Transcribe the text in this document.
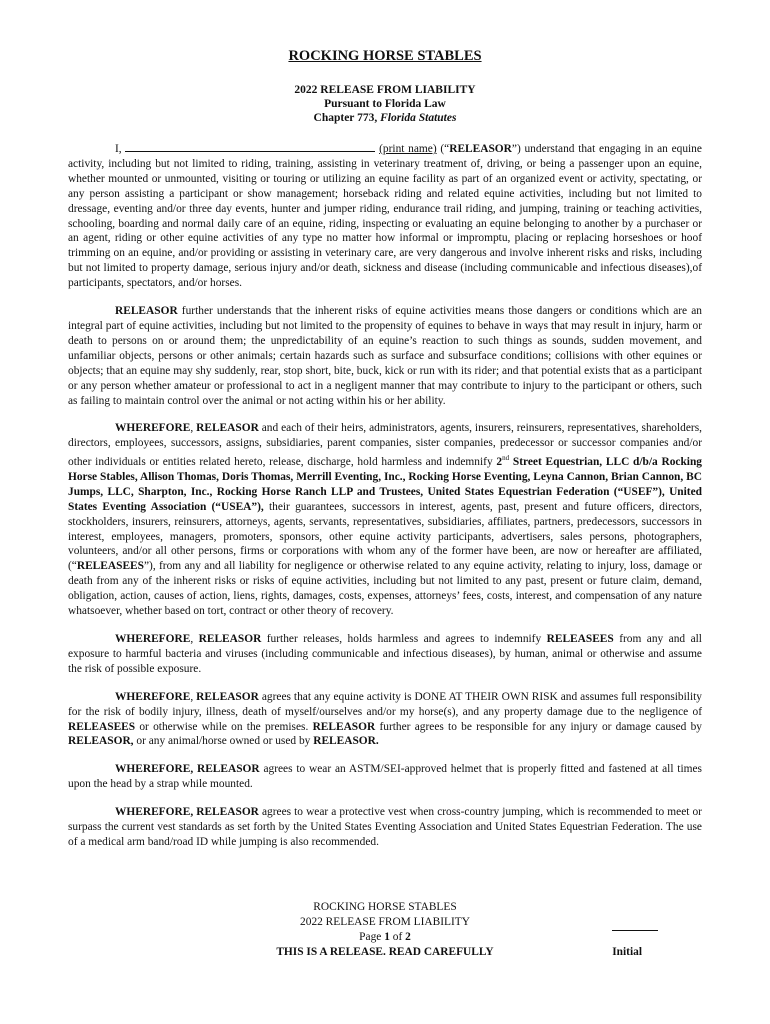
ROCKING HORSE STABLES
2022 RELEASE FROM LIABILITY
Pursuant to Florida Law
Chapter 773, Florida Statutes

I,	(print name) (“RELEASOR”) understand that engaging in an equine activity, including but not limited to riding, training, assisting in veterinary treatment of, driving, or being a passenger upon an equine, whether mounted or unmounted, visiting or touring or utilizing an equine facility as part of an organized event or activity, spectating, or any person assisting a participant or show management; horseback riding and related equine activities, including but not limited to dressage, eventing and/or three day events, hunter and jumper riding, endurance trail riding, and jumping, training or teaching activities, schooling, boarding and normal daily care of an equine, riding, inspecting or evaluating an equine belonging to another by a purchaser or an agent, riding or other equine activities of any type no matter how informal or impromptu, placing or replacing horseshoes or hoof trimming on an equine, and/or providing or assisting in veterinary care, are very dangerous and involve inherent risks and risks, including but not limited to property damage, serious injury and/or death, sickness and disease (including communicable and infectious diseases),of participants, spectators, and/or horses.

RELEASOR further understands that the inherent risks of equine activities means those dangers or conditions which are an integral part of equine activities, including but not limited to the propensity of equines to behave in ways that may result in injury, harm or death to persons on or around them; the unpredictability of an equine’s reaction to such things as sounds, sudden movement, and unfamiliar objects, persons or other animals; certain hazards such as surface and subsurface conditions; collisions with other equines or objects; that an equine may shy suddenly, rear, stop short, bite, buck, kick or run with its rider; and that potential exists that as a participant or any person whether amateur or professional to act in a negligent manner that may contribute to injury to the participant or others, such as failing to maintain control over the animal or not acting within his or her ability.

WHEREFORE, RELEASOR and each of their heirs, administrators, agents, insurers, reinsurers, representatives, shareholders, directors, employees, successors, assigns, subsidiaries, parent companies, sister companies, predecessor or successor companies and/or other individuals or entities related hereto, release, discharge, hold harmless and indemnify 2nd Street Equestrian, LLC d/b/a Rocking Horse Stables, Allison Thomas, Doris Thomas, Merrill Eventing, Inc., Rocking Horse Eventing, Leyna Cannon, Brian Cannon, BC Jumps, LLC, Sharpton, Inc., Rocking Horse Ranch LLP and Trustees, United States Equestrian Federation (“USEF”), United States Eventing Association (“USEA”), their guarantees, successors in interest, agents, past, present and future officers, directors, stockholders, insurers, reinsurers, attorneys, agents, servants, representatives, subsidiaries, affiliates, partners, predecessors, successors in interest, employees, managers, promoters, sponsors, other equine activity participants, advertisers, sales persons, photographers, volunteers, and/or all other persons, firms or corporations with whom any of the former have been, are now or hereafter are affiliated, (“RELEASEES”), from any and all liability for negligence or otherwise related to any equine activity, relating to injury, loss, damage or death from any of the inherent risks or risks of equine activities, including but not limited to any past, present or future claim, demand, obligation, action, causes of action, liens, rights, damages, costs, expenses, attorneys’ fees, costs, interest, and compensation of any nature whatsoever, whether based on tort, contract or other theory of recovery.

WHEREFORE, RELEASOR further releases, holds harmless and agrees to indemnify RELEASEES from any and all exposure to harmful bacteria and viruses (including communicable and infectious diseases), by human, animal or otherwise and assume the risk of possible exposure.

WHEREFORE, RELEASOR agrees that any equine activity is DONE AT THEIR OWN RISK and assumes full responsibility for the risk of bodily injury, illness, death of myself/ourselves and/or my horse(s), and any property damage due to the negligence of RELEASEES or otherwise while on the premises. RELEASOR further agrees to be responsible for any injury or damage caused by RELEASOR, or any animal/horse owned or used by RELEASOR.

WHEREFORE, RELEASOR agrees to wear an ASTM/SEI-approved helmet that is properly fitted and fastened at all times upon the head by a strap while mounted.

WHEREFORE, RELEASOR agrees to wear a protective vest when cross-country jumping, which is recommended to meet or surpass the current vest standards as set forth by the United States Eventing Association and United States Equestrian Federation. The use of a medical arm band/road ID while jumping is also recommended.

ROCKING HORSE STABLES
2022 RELEASE FROM LIABILITY
Page 1 of 2
THIS IS A RELEASE. READ CAREFULLY	Initial
